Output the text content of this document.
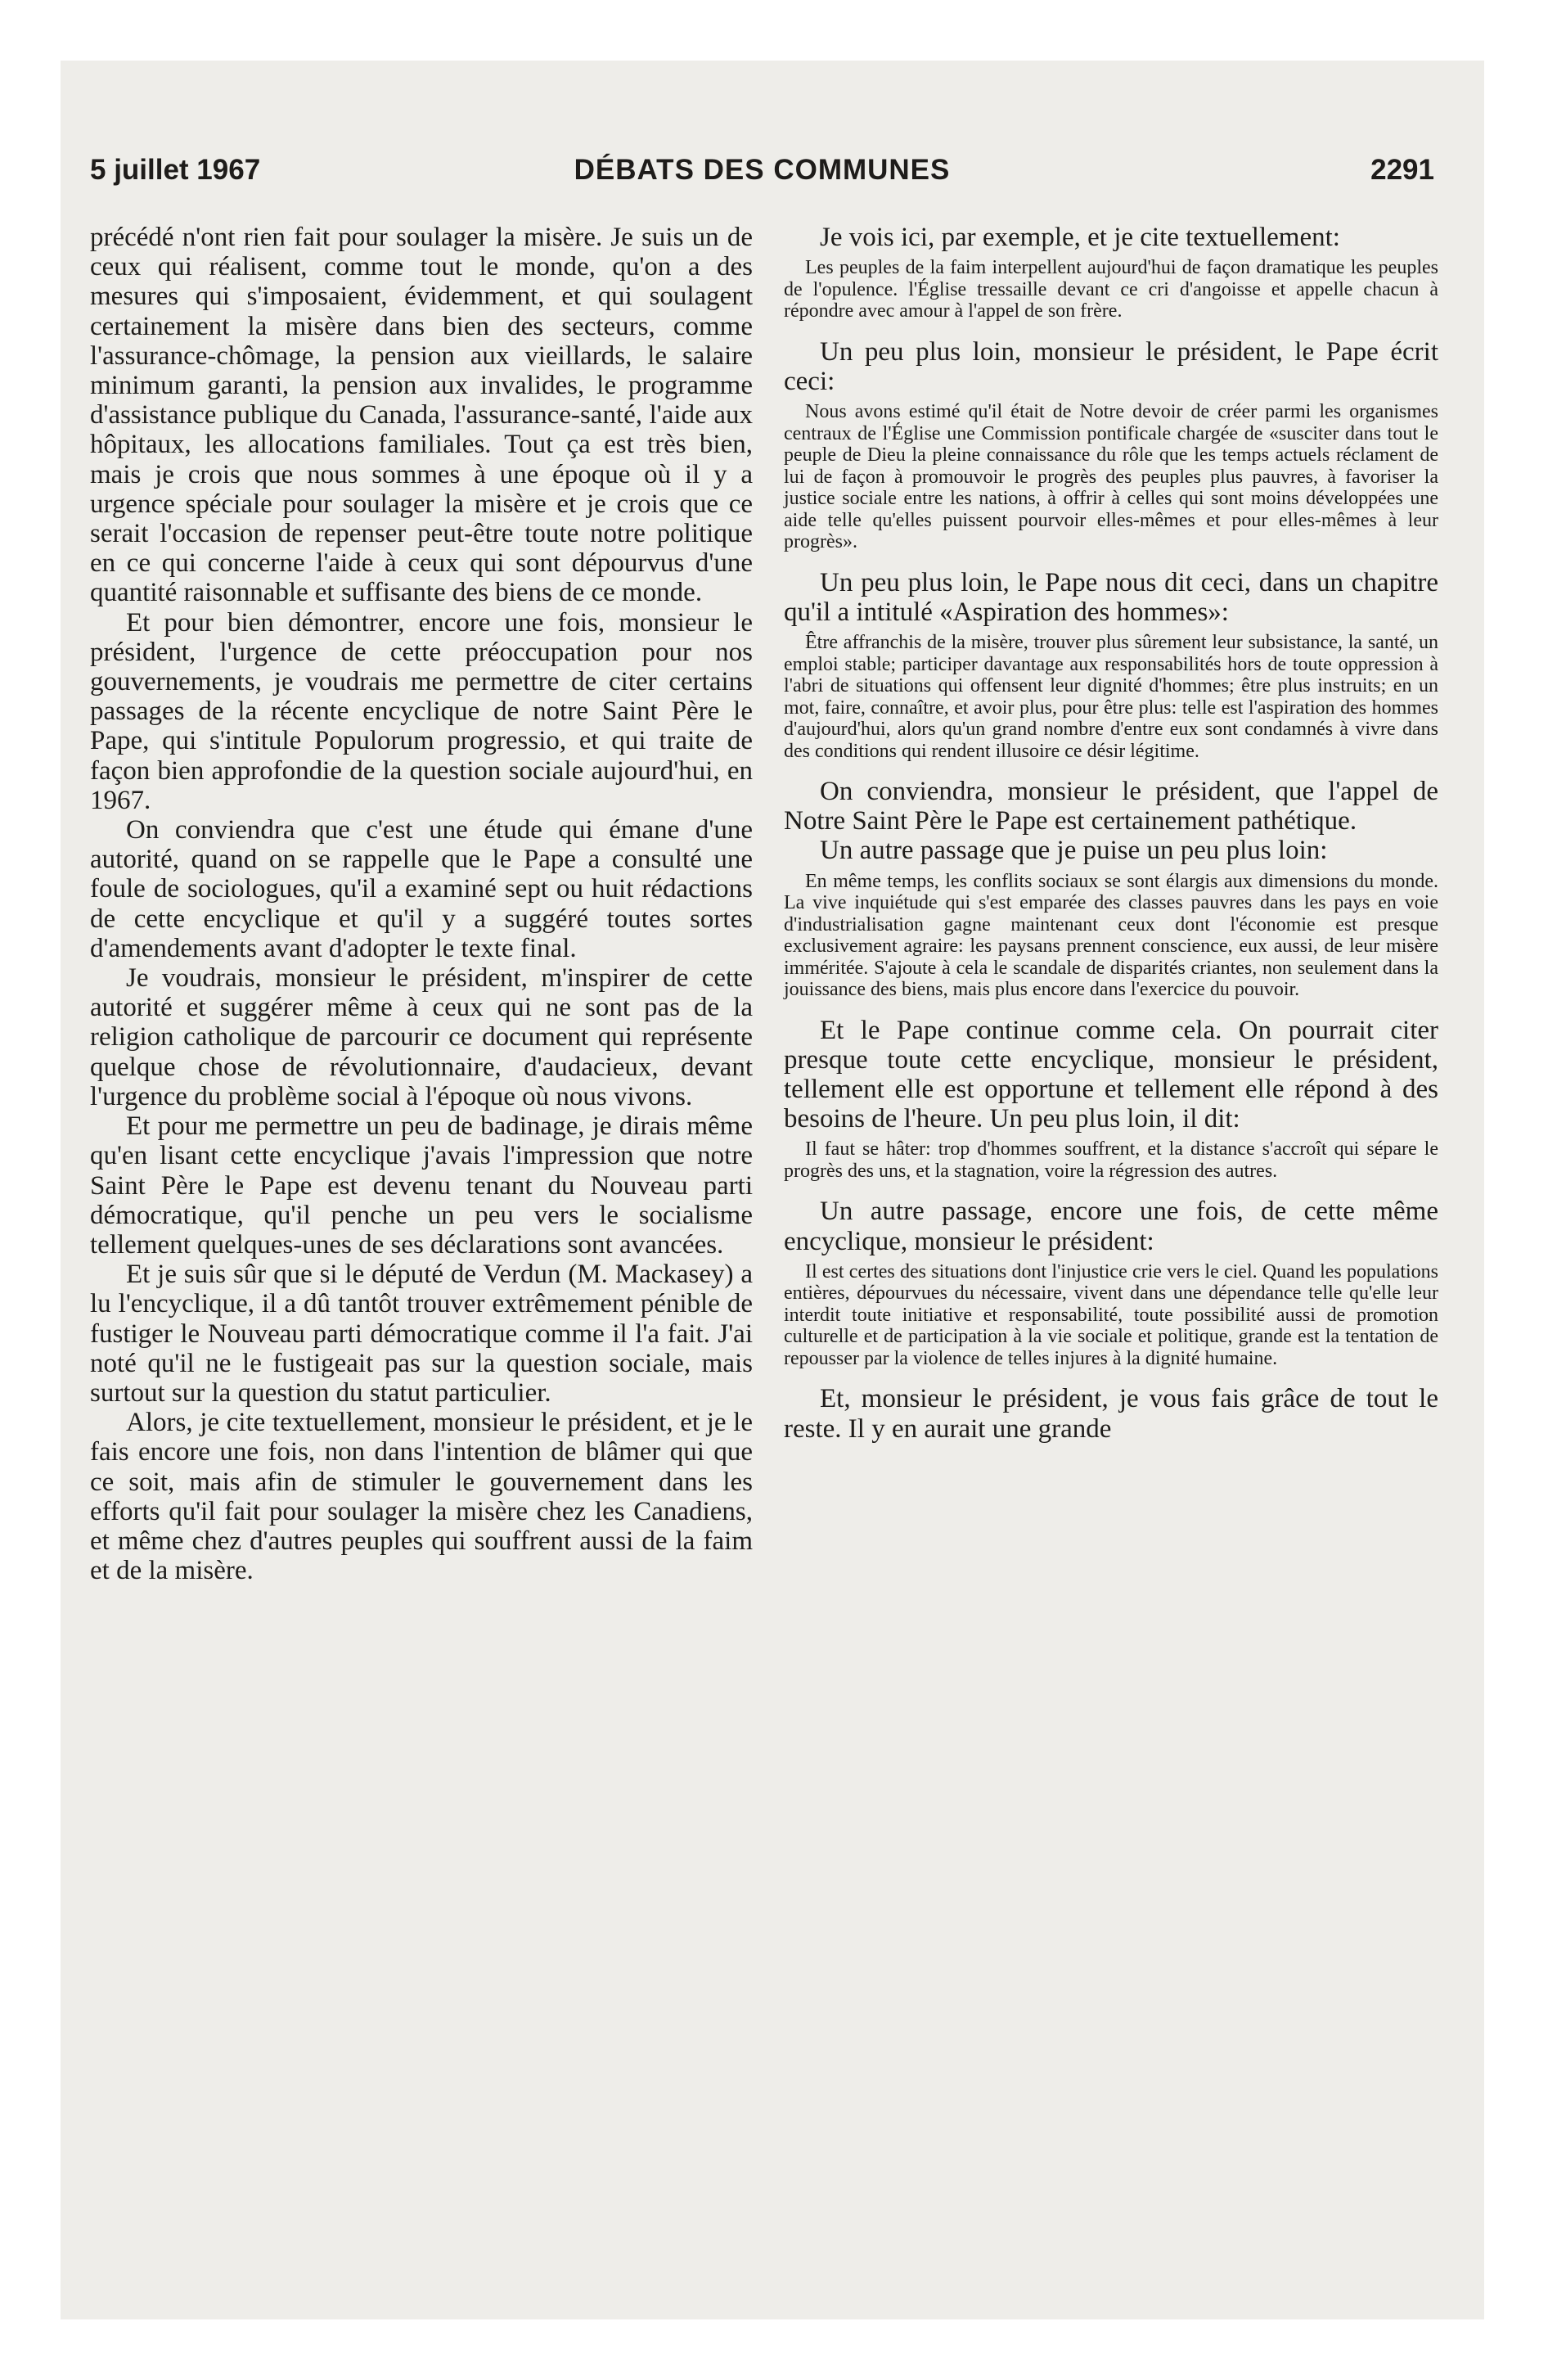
5 juillet 1967	DÉBATS DES COMMUNES	2291

précédé n'ont rien fait pour soulager la misère. Je suis un de ceux qui réalisent, comme tout le monde, qu'on a des mesures qui s'imposaient, évidemment, et qui soulagent certainement la misère dans bien des secteurs, comme l'assurance-chômage, la pension aux vieillards, le salaire minimum garanti, la pension aux invalides, le programme d'assistance publique du Canada, l'assurance-santé, l'aide aux hôpitaux, les allocations familiales. Tout ça est très bien, mais je crois que nous sommes à une époque où il y a urgence spéciale pour soulager la misère et je crois que ce serait l'occasion de repenser peut-être toute notre politique en ce qui concerne l'aide à ceux qui sont dépourvus d'une quantité raisonnable et suffisante des biens de ce monde.

Et pour bien démontrer, encore une fois, monsieur le président, l'urgence de cette préoccupation pour nos gouvernements, je voudrais me permettre de citer certains passages de la récente encyclique de notre Saint Père le Pape, qui s'intitule Populorum progressio, et qui traite de façon bien approfondie de la question sociale aujourd'hui, en 1967.

On conviendra que c'est une étude qui émane d'une autorité, quand on se rappelle que le Pape a consulté une foule de sociologues, qu'il a examiné sept ou huit rédactions de cette encyclique et qu'il y a suggéré toutes sortes d'amendements avant d'adopter le texte final.

Je voudrais, monsieur le président, m'inspirer de cette autorité et suggérer même à ceux qui ne sont pas de la religion catholique de parcourir ce document qui représente quelque chose de révolutionnaire, d'audacieux, devant l'urgence du problème social à l'époque où nous vivons.

Et pour me permettre un peu de badinage, je dirais même qu'en lisant cette encyclique j'avais l'impression que notre Saint Père le Pape est devenu tenant du Nouveau parti démocratique, qu'il penche un peu vers le socialisme tellement quelques-unes de ses déclarations sont avancées.

Et je suis sûr que si le député de Verdun (M. Mackasey) a lu l'encyclique, il a dû tantôt trouver extrêmement pénible de fustiger le Nouveau parti démocratique comme il l'a fait. J'ai noté qu'il ne le fustigeait pas sur la question sociale, mais surtout sur la question du statut particulier.

Alors, je cite textuellement, monsieur le président, et je le fais encore une fois, non dans l'intention de blâmer qui que ce soit, mais afin de stimuler le gouvernement dans les efforts qu'il fait pour soulager la misère chez les Canadiens, et même chez d'autres peuples qui souffrent aussi de la faim et de la misère.

Je vois ici, par exemple, et je cite textuellement:

Les peuples de la faim interpellent aujourd'hui de façon dramatique les peuples de l'opulence. l'Église tressaille devant ce cri d'angoisse et appelle chacun à répondre avec amour à l'appel de son frère.

Un peu plus loin, monsieur le président, le Pape écrit ceci:

Nous avons estimé qu'il était de Notre devoir de créer parmi les organismes centraux de l'Église une Commission pontificale chargée de «susciter dans tout le peuple de Dieu la pleine connaissance du rôle que les temps actuels réclament de lui de façon à promouvoir le progrès des peuples plus pauvres, à favoriser la justice sociale entre les nations, à offrir à celles qui sont moins développées une aide telle qu'elles puissent pourvoir elles-mêmes et pour elles-mêmes à leur progrès».

Un peu plus loin, le Pape nous dit ceci, dans un chapitre qu'il a intitulé «Aspiration des hommes»:

Être affranchis de la misère, trouver plus sûrement leur subsistance, la santé, un emploi stable; participer davantage aux responsabilités hors de toute oppression à l'abri de situations qui offensent leur dignité d'hommes; être plus instruits; en un mot, faire, connaître, et avoir plus, pour être plus: telle est l'aspiration des hommes d'aujourd'hui, alors qu'un grand nombre d'entre eux sont condamnés à vivre dans des conditions qui rendent illusoire ce désir légitime.

On conviendra, monsieur le président, que l'appel de Notre Saint Père le Pape est certainement pathétique.

Un autre passage que je puise un peu plus loin:

En même temps, les conflits sociaux se sont élargis aux dimensions du monde. La vive inquiétude qui s'est emparée des classes pauvres dans les pays en voie d'industrialisation gagne maintenant ceux dont l'économie est presque exclusivement agraire: les paysans prennent conscience, eux aussi, de leur misère imméritée. S'ajoute à cela le scandale de disparités criantes, non seulement dans la jouissance des biens, mais plus encore dans l'exercice du pouvoir.

Et le Pape continue comme cela. On pourrait citer presque toute cette encyclique, monsieur le président, tellement elle est opportune et tellement elle répond à des besoins de l'heure. Un peu plus loin, il dit:

Il faut se hâter: trop d'hommes souffrent, et la distance s'accroît qui sépare le progrès des uns, et la stagnation, voire la régression des autres.

Un autre passage, encore une fois, de cette même encyclique, monsieur le président:

Il est certes des situations dont l'injustice crie vers le ciel. Quand les populations entières, dépourvues du nécessaire, vivent dans une dépendance telle qu'elle leur interdit toute initiative et responsabilité, toute possibilité aussi de promotion culturelle et de participation à la vie sociale et politique, grande est la tentation de repousser par la violence de telles injures à la dignité humaine.

Et, monsieur le président, je vous fais grâce de tout le reste. Il y en aurait une grande
